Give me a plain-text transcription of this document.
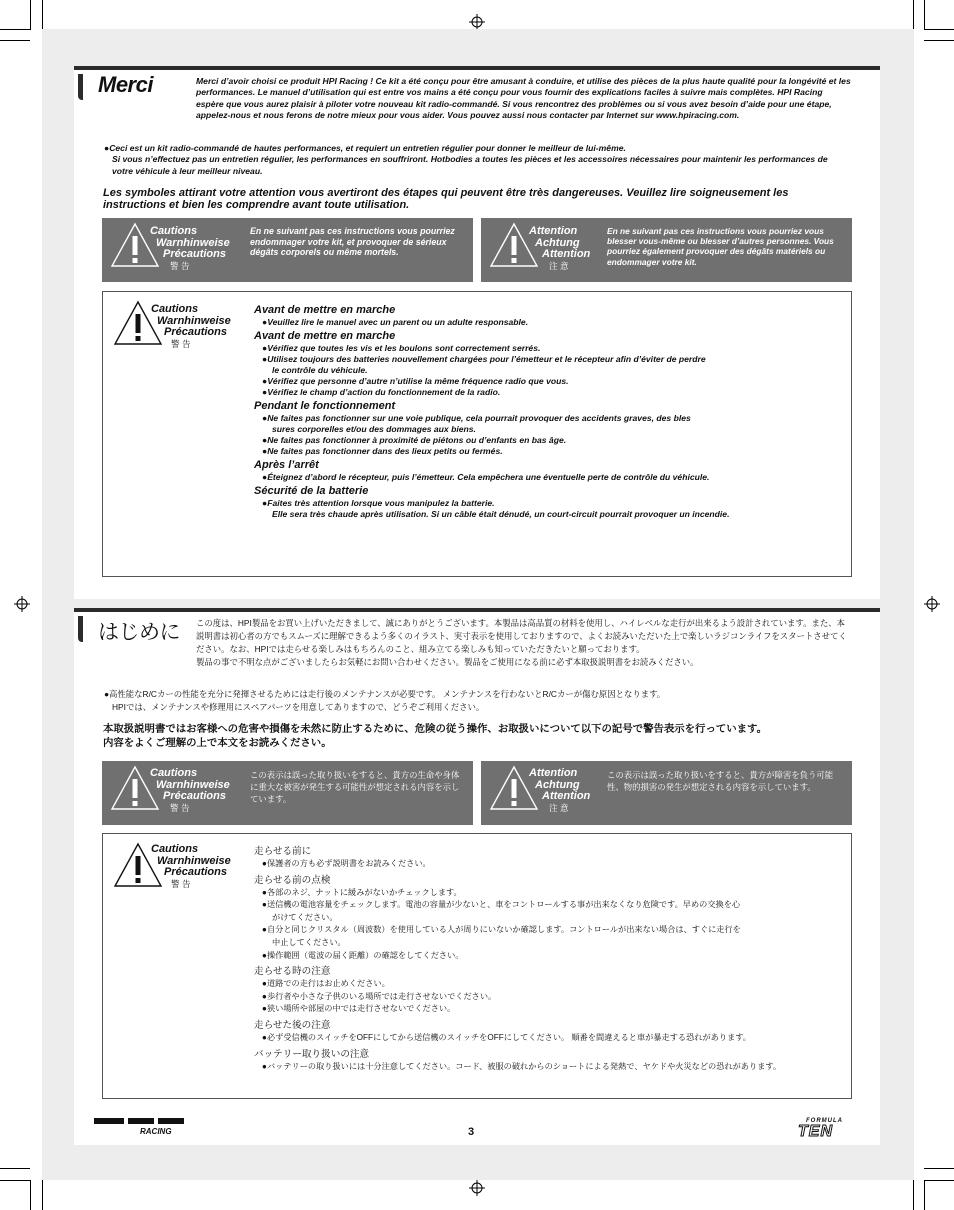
Merci	Merci d’avoir choisi ce produit HPI Racing ! Ce kit a été conçu pour être amusant à conduire, et utilise des pièces de la plus haute qualité pour la longévité et les performances. Le manuel d’utilisation qui est entre vos mains a été conçu pour vous fournir des explications faciles à suivre mais complètes. HPI Racing espère que vous aurez plaisir à piloter votre nouveau kit radio-commandé. Si vous rencontrez des problèmes ou si vous avez besoin d’aide pour une étape, appelez-nous et nous ferons de notre mieux pour vous aider. Vous pouvez aussi nous contacter par Internet sur www.hpiracing.com.
●Ceci est un kit radio-commandé de hautes performances, et requiert un entretien régulier pour donner le meilleur de lui-même.
Si vous n’effectuez pas un entretien régulier, les performances en souffriront. Hotbodies a toutes les pièces et les accessoires nécessaires pour maintenir les performances de votre véhicule à leur meilleur niveau.
Les symboles attirant votre attention vous avertiront des étapes qui peuvent être très dangereuses. Veuillez lire soigneusement les instructions et bien les comprendre avant toute utilisation.
Cautions
Warnhinweise
Précautions
警 告
En ne suivant pas ces instructions vous pourriez endommager votre kit, et provoquer de sérieux dégâts corporels ou même mortels.
Attention
Achtung
Attention
注 意
En ne suivant pas ces instructions vous pourriez vous blesser vous-même ou blesser d’autres personnes. Vous pourriez également provoquer des dégâts matériels ou endommager votre kit.
Cautions
Warnhinweise
Précautions
警 告
Avant de mettre en marche
●Veuillez lire le manuel avec un parent ou un adulte responsable.
Avant de mettre en marche
●Vérifiez que toutes les vis et les boulons sont correctement serrés.
●Utilisez toujours des batteries nouvellement chargées pour l’émetteur et le récepteur afin d’éviter de perdre
le contrôle du véhicule.
●Vérifiez que personne d’autre n’utilise la même fréquence radio que vous.
●Vérifiez le champ d’action du fonctionnement de la radio.
Pendant le fonctionnement
●Ne faites pas fonctionner sur une voie publique, cela pourrait provoquer des accidents graves, des bles
sures corporelles et/ou des dommages aux biens.
●Ne faites pas fonctionner à proximité de piétons ou d’enfants en bas âge.
●Ne faites pas fonctionner dans des lieux petits ou fermés.
Après l’arrêt
●Éteignez d’abord le récepteur, puis l’émetteur. Cela empêchera une éventuelle perte de contrôle du véhicule.
Sécurité de la batterie
●Faites très attention lorsque vous manipulez la batterie.
Elle sera très chaude après utilisation. Si un câble était dénudé, un court-circuit pourrait provoquer un incendie.
はじめに この度は、HPI製品をお買い上げいただきまして、誠にありがとうございます。本製品は高品質の材料を使用し、ハイレベルな走行が出来るよう設計されています。また、本説明書は初心者の方でもスムーズに理解できるよう多くのイラスト、実寸表示を使用しておりますので、よくお読みいただいた上で楽しいラジコンライフをスタートさせてください。なお、HPIでは走らせる楽しみはもちろんのこと、組み立てる楽しみも知っていただきたいと願っております。
製品の事で不明な点がございましたらお気軽にお問い合わせください。製品をご使用になる前に必ず本取扱説明書をお読みください。
●高性能なR/Cカーの性能を充分に発揮させるためには走行後のメンテナンスが必要です。 メンテナンスを行わないとR/Cカーが傷む原因となります。
HPIでは、メンテナンスや修理用にスペアパーツを用意してありますので、どうぞご利用ください。
本取扱説明書ではお客様への危害や損傷を未然に防止するために、危険の従う操作、お取扱いについて以下の記号で警告表示を行っています。
内容をよくご理解の上で本文をお読みください。
Cautions
Warnhinweise
Précautions
警 告
この表示は誤った取り扱いをすると、貴方の生命や身体に重大な被害が発生する可能性が想定される内容を示しています。
Attention
Achtung
Attention
注 意
この表示は誤った取り扱いをすると、貴方が障害を負う可能性、物的損害の発生が想定される内容を示しています。
Cautions
Warnhinweise
Précautions
警 告
走らせる前に
●保護者の方も必ず説明書をお読みください。
走らせる前の点検
●各部のネジ、ナットに緩みがないかチェックします。
●送信機の電池容量をチェックします。電池の容量が少ないと、車をコントロールする事が出来なくなり危険です。早めの交換を心
がけてください。
●自分と同じクリスタル（周波数）を使用している人が周りにいないか確認します。コントロールが出来ない場合は、すぐに走行を
中止してください。
●操作範囲（電波の届く距離）の確認をしてください。
走らせる時の注意
●道路での走行はお止めください。
●歩行者や小さな子供のいる場所では走行させないでください。
●狭い場所や部屋の中では走行させないでください。
走らせた後の注意
●必ず受信機のスイッチをOFFにしてから送信機のスイッチをOFFにしてください。 順番を間違えると車が暴走する恐れがあります。
バッテリー取り扱いの注意
●バッテリーの取り扱いには十分注意してください。コード、被服の破れからのショートによる発熱で、ヤケドや火災などの恐れがあります。
RACING	3
FORMULA
TEN
